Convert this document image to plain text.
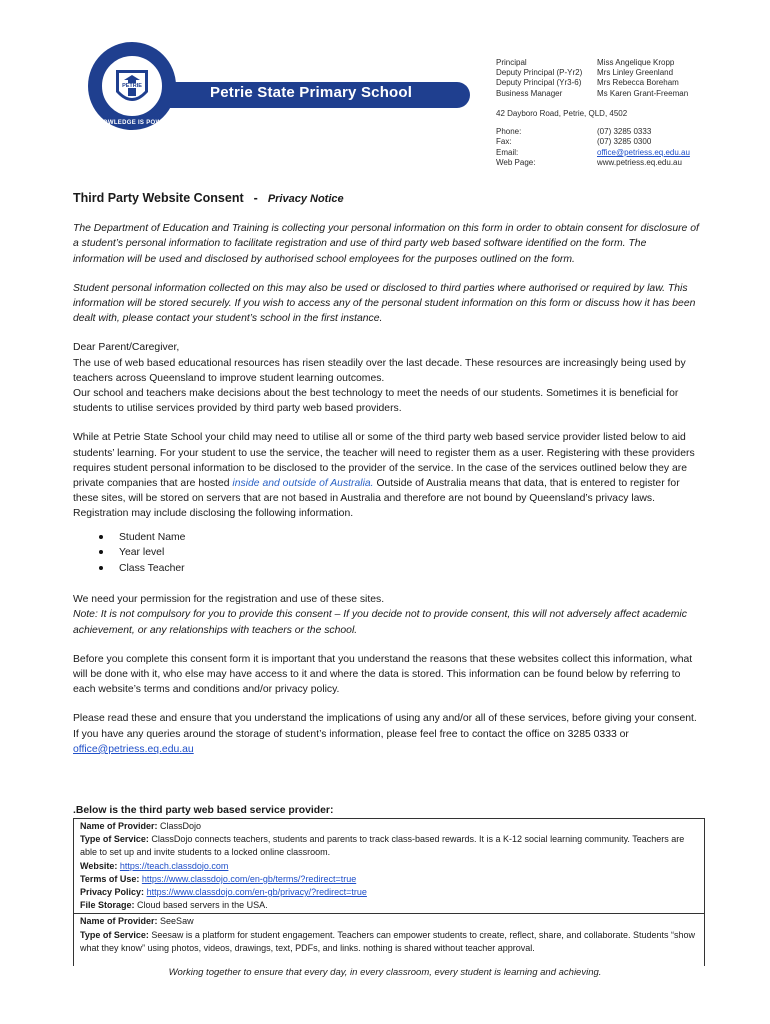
PETRIE
KNOWLEDGE IS POWER
Petrie State Primary School
Principal
Deputy Principal (P-Yr2)
Deputy Principal (Yr3-6)
Business Manager
Miss Angelique Kropp
Mrs Linley Greenland
Mrs Rebecca Boreham
Ms Karen Grant-Freeman
42 Dayboro Road, Petrie, QLD, 4502
Phone:
Fax:
Email:
Web Page:
(07) 3285 0333
(07) 3285 0300
office@petriess.eq.edu.au
www.petriess.eq.edu.au
Third Party Website Consent - Privacy Notice

The Department of Education and Training is collecting your personal information on this form in order to obtain consent for disclosure of a student’s personal information to facilitate registration and use of third party web based software identified on the form. The information will be used and disclosed by authorised school employees for the purposes outlined on the form.

Student personal information collected on this may also be used or disclosed to third parties where authorised or required by law. This information will be stored securely. If you wish to access any of the personal student information on this form or discuss how it has been dealt with, please contact your student’s school in the first instance.

Dear Parent/Caregiver,
The use of web based educational resources has risen steadily over the last decade. These resources are increasingly being used by teachers across Queensland to improve student learning outcomes.

Our school and teachers make decisions about the best technology to meet the needs of our students. Sometimes it is beneficial for students to utilise services provided by third party web based providers.

While at Petrie State School your child may need to utilise all or some of the third party web based service provider listed below to aid students’ learning. For your student to use the service, the teacher will need to register them as a user. Registering with these providers requires student personal information to be disclosed to the provider of the service. In the case of the services outlined below they are private companies that are hosted inside and outside of Australia. Outside of Australia means that data, that is entered to register for these sites, will be stored on servers that are not based in Australia and therefore are not bound by Queensland’s privacy laws. Registration may include disclosing the following information.
Student Name
Year level
Class Teacher
We need your permission for the registration and use of these sites.

Note: It is not compulsory for you to provide this consent – If you decide not to provide consent, this will not adversely affect academic achievement, or any relationships with teachers or the school.

Before you complete this consent form it is important that you understand the reasons that these websites collect this information, what will be done with it, who else may have access to it and where the data is stored. This information can be found below by referring to each website’s terms and conditions and/or privacy policy.

Please read these and ensure that you understand the implications of using any and/or all of these services, before giving your consent. If you have any queries around the storage of student’s information, please feel free to contact the office on 3285 0333 or office@petriess.eq.edu.au
.Below is the third party web based service provider:
Name of Provider: ClassDojo
Type of Service: ClassDojo connects teachers, students and parents to track class-based rewards. It is a K-12 social learning community. Teachers are able to set up and invite students to a locked online classroom.
Website: https://teach.classdojo.com
Terms of Use: https://www.classdojo.com/en-gb/terms/?redirect=true
Privacy Policy: https://www.classdojo.com/en-gb/privacy/?redirect=true
File Storage: Cloud based servers in the USA.
Name of Provider: SeeSaw
Type of Service: Seesaw is a platform for student engagement. Teachers can empower students to create, reflect, share, and collaborate. Students “show what they know” using photos, videos, drawings, text, PDFs, and links. nothing is shared without teacher approval.
Working together to ensure that every day, in every classroom, every student is learning and achieving.
